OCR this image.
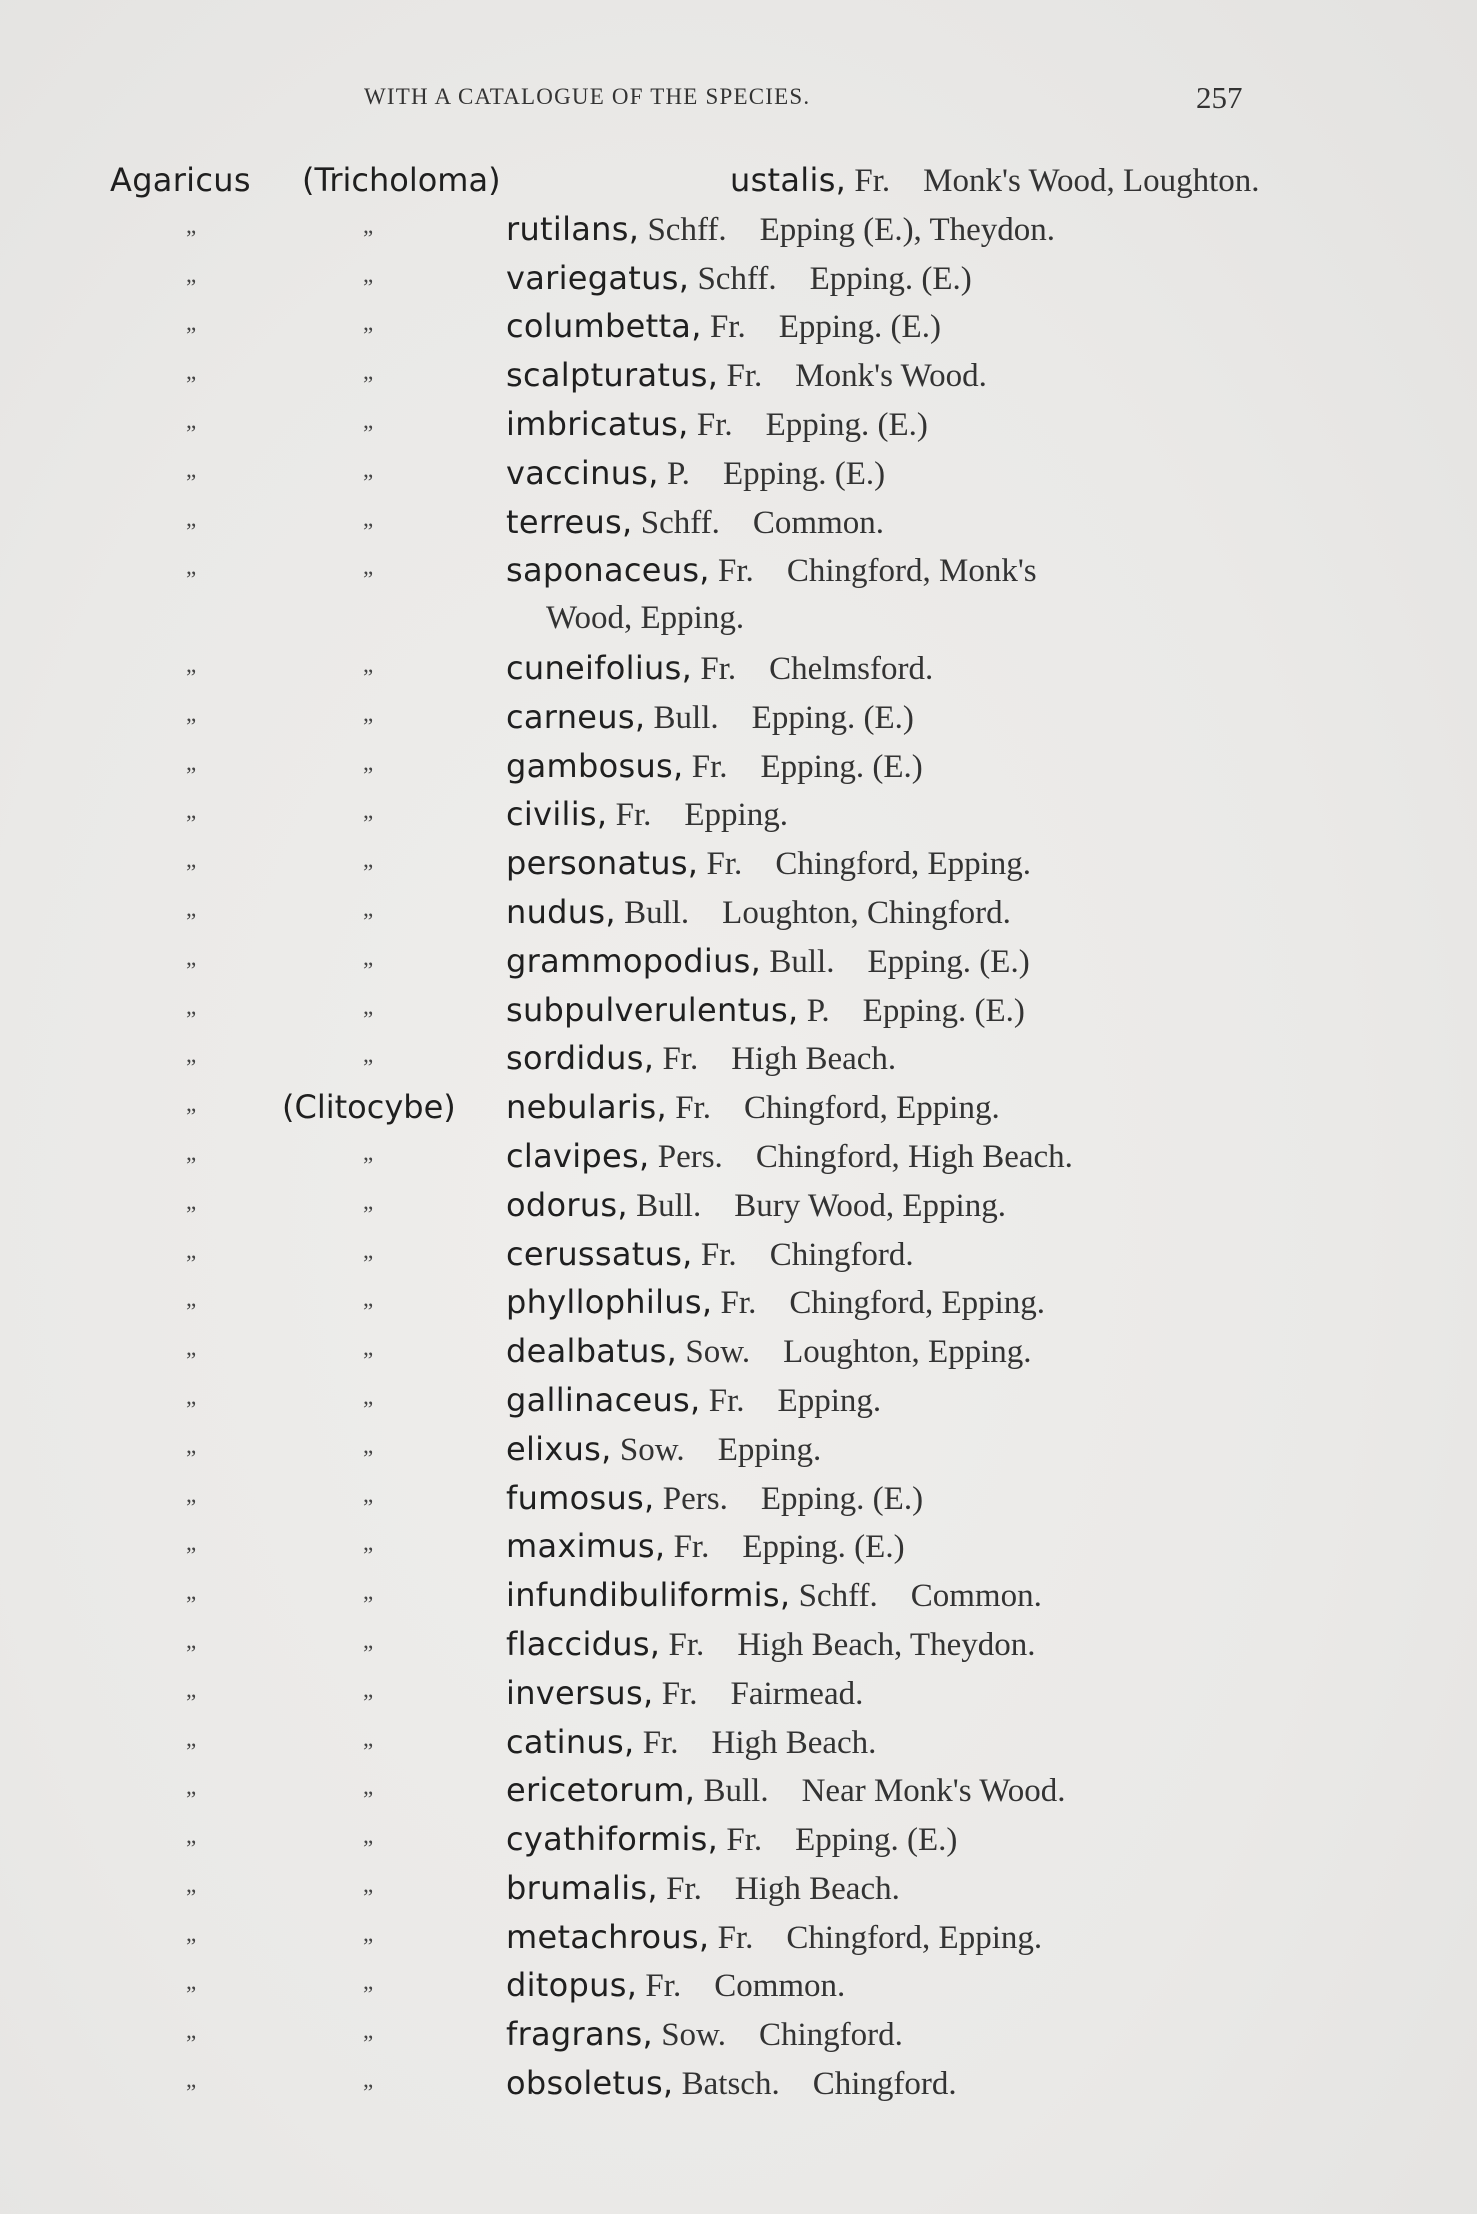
WITH A CATALOGUE OF THE SPECIES.	257
Agaricus (Tricholoma)	ustalis, Fr.  Monk's Wood, Loughton.
”	”	rutilans, Schff.  Epping (E.), Theydon.
”	”	variegatus, Schff.  Epping. (E.)
”	”	columbetta, Fr.  Epping. (E.)
”	”	scalpturatus, Fr.  Monk's Wood.
”	”	imbricatus, Fr.  Epping. (E.)
”	”	vaccinus, P.  Epping. (E.)
”	”	terreus, Schff.  Common.
”	”	saponaceus, Fr.  Chingford, Monk's
Wood, Epping.
”	”	cuneifolius, Fr.  Chelmsford.
”	”	carneus, Bull.  Epping. (E.)
”	”	gambosus, Fr.  Epping. (E.)
”	”	civilis, Fr.  Epping.
”	”	personatus, Fr.  Chingford, Epping.
”	”	nudus, Bull.  Loughton, Chingford.
”	”	grammopodius, Bull.  Epping. (E.)
”	”	subpulverulentus, P.  Epping. (E.)
”	”	sordidus, Fr.  High Beach.
”	(Clitocybe) nebularis, Fr.  Chingford, Epping.
”	”	clavipes, Pers.  Chingford, High Beach.
”	”	odorus, Bull.  Bury Wood, Epping.
”	”	cerussatus, Fr.  Chingford.
”	”	phyllophilus, Fr.  Chingford, Epping.
”	”	dealbatus, Sow.  Loughton, Epping.
”	”	gallinaceus, Fr.  Epping.
”	”	elixus, Sow.  Epping.
”	”	fumosus, Pers.  Epping. (E.)
”	”	maximus, Fr.  Epping. (E.)
”	”	infundibuliformis, Schff.  Common.
”	”	flaccidus, Fr.  High Beach, Theydon.
”	”	inversus, Fr.  Fairmead.
”	”	catinus, Fr.  High Beach.
”	”	ericetorum, Bull.  Near Monk's Wood.
”	”	cyathiformis, Fr.  Epping. (E.)
”	”	brumalis, Fr.  High Beach.
”	”	metachrous, Fr.  Chingford, Epping.
”	”	ditopus, Fr.  Common.
”	”	fragrans, Sow.  Chingford.
”	”	obsoletus, Batsch.  Chingford.
